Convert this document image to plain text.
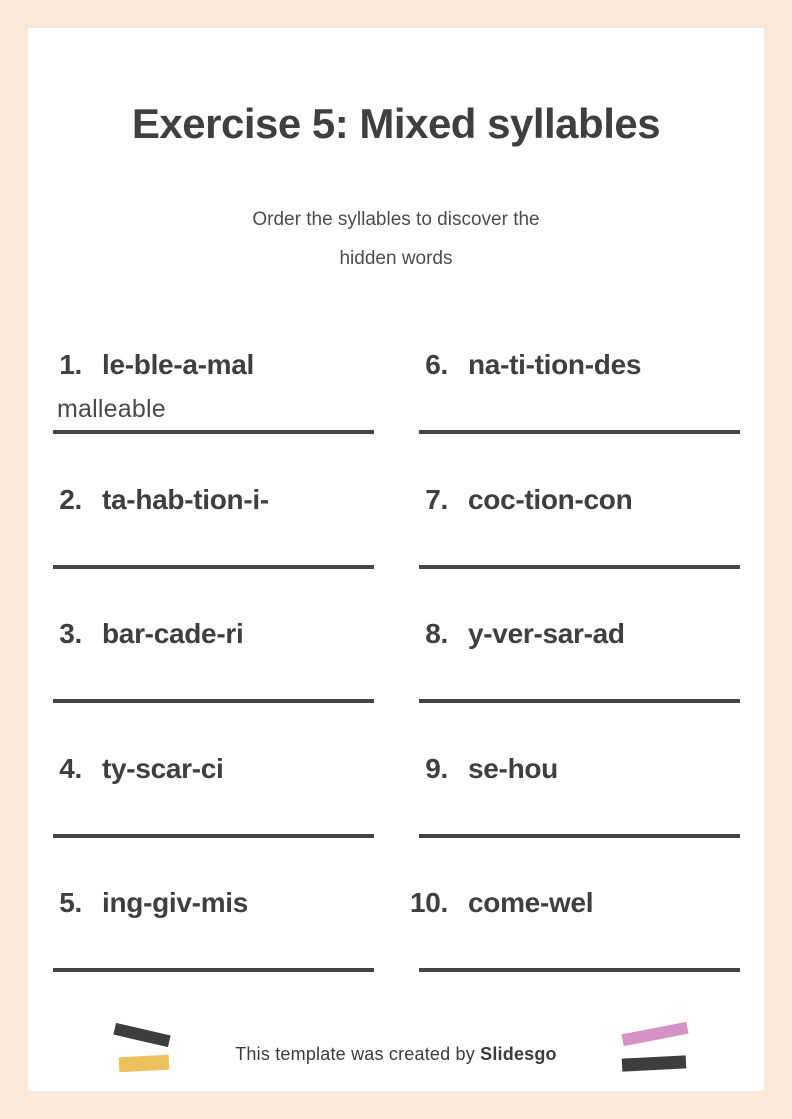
Exercise 5: Mixed syllables
Order the syllables to discover the
hidden words
1. le-ble-a-mal
malleable
2. ta-hab-tion-i-
3. bar-cade-ri
4. ty-scar-ci
5. ing-giv-mis
6. na-ti-tion-des
7. coc-tion-con
8. y-ver-sar-ad
9. se-hou
10. come-wel
This template was created by Slidesgo
